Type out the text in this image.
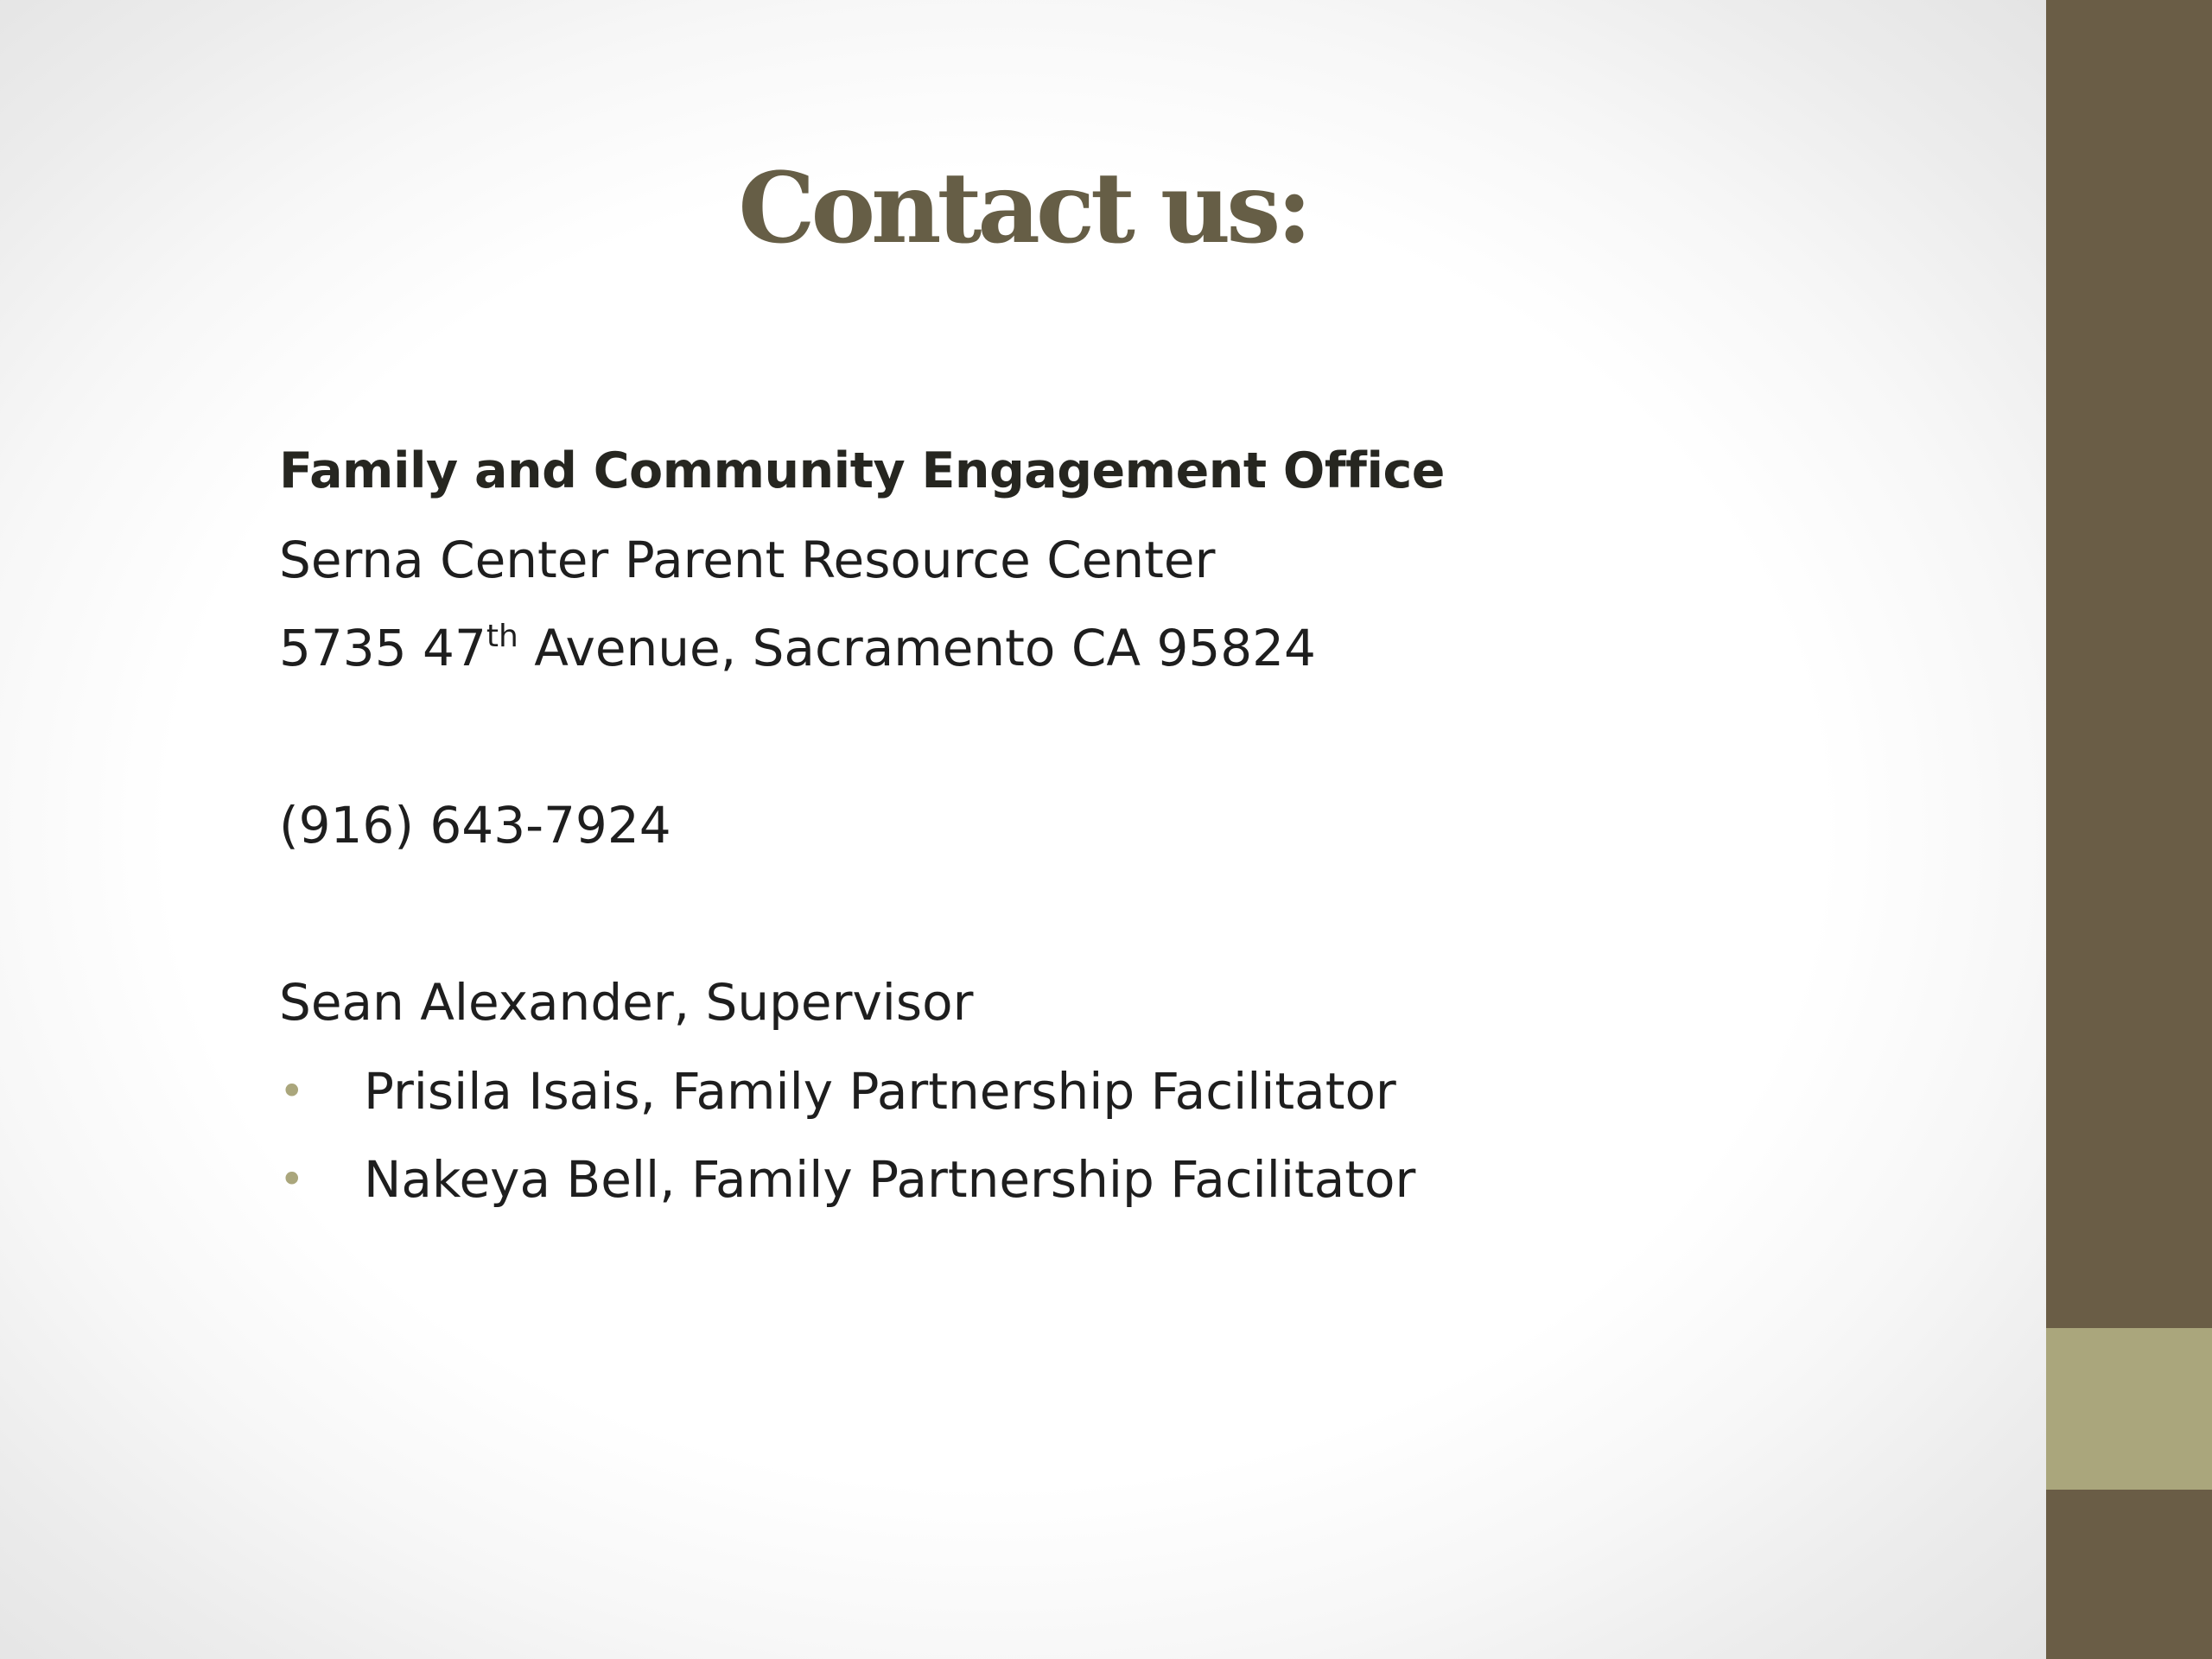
Contact us:
Family and Community Engagement Office
Serna Center Parent Resource Center
5735 47th Avenue, Sacramento CA 95824
(916) 643-7924
Sean Alexander, Supervisor
• Prisila Isais, Family Partnership Facilitator
• Nakeya Bell, Family Partnership Facilitator
